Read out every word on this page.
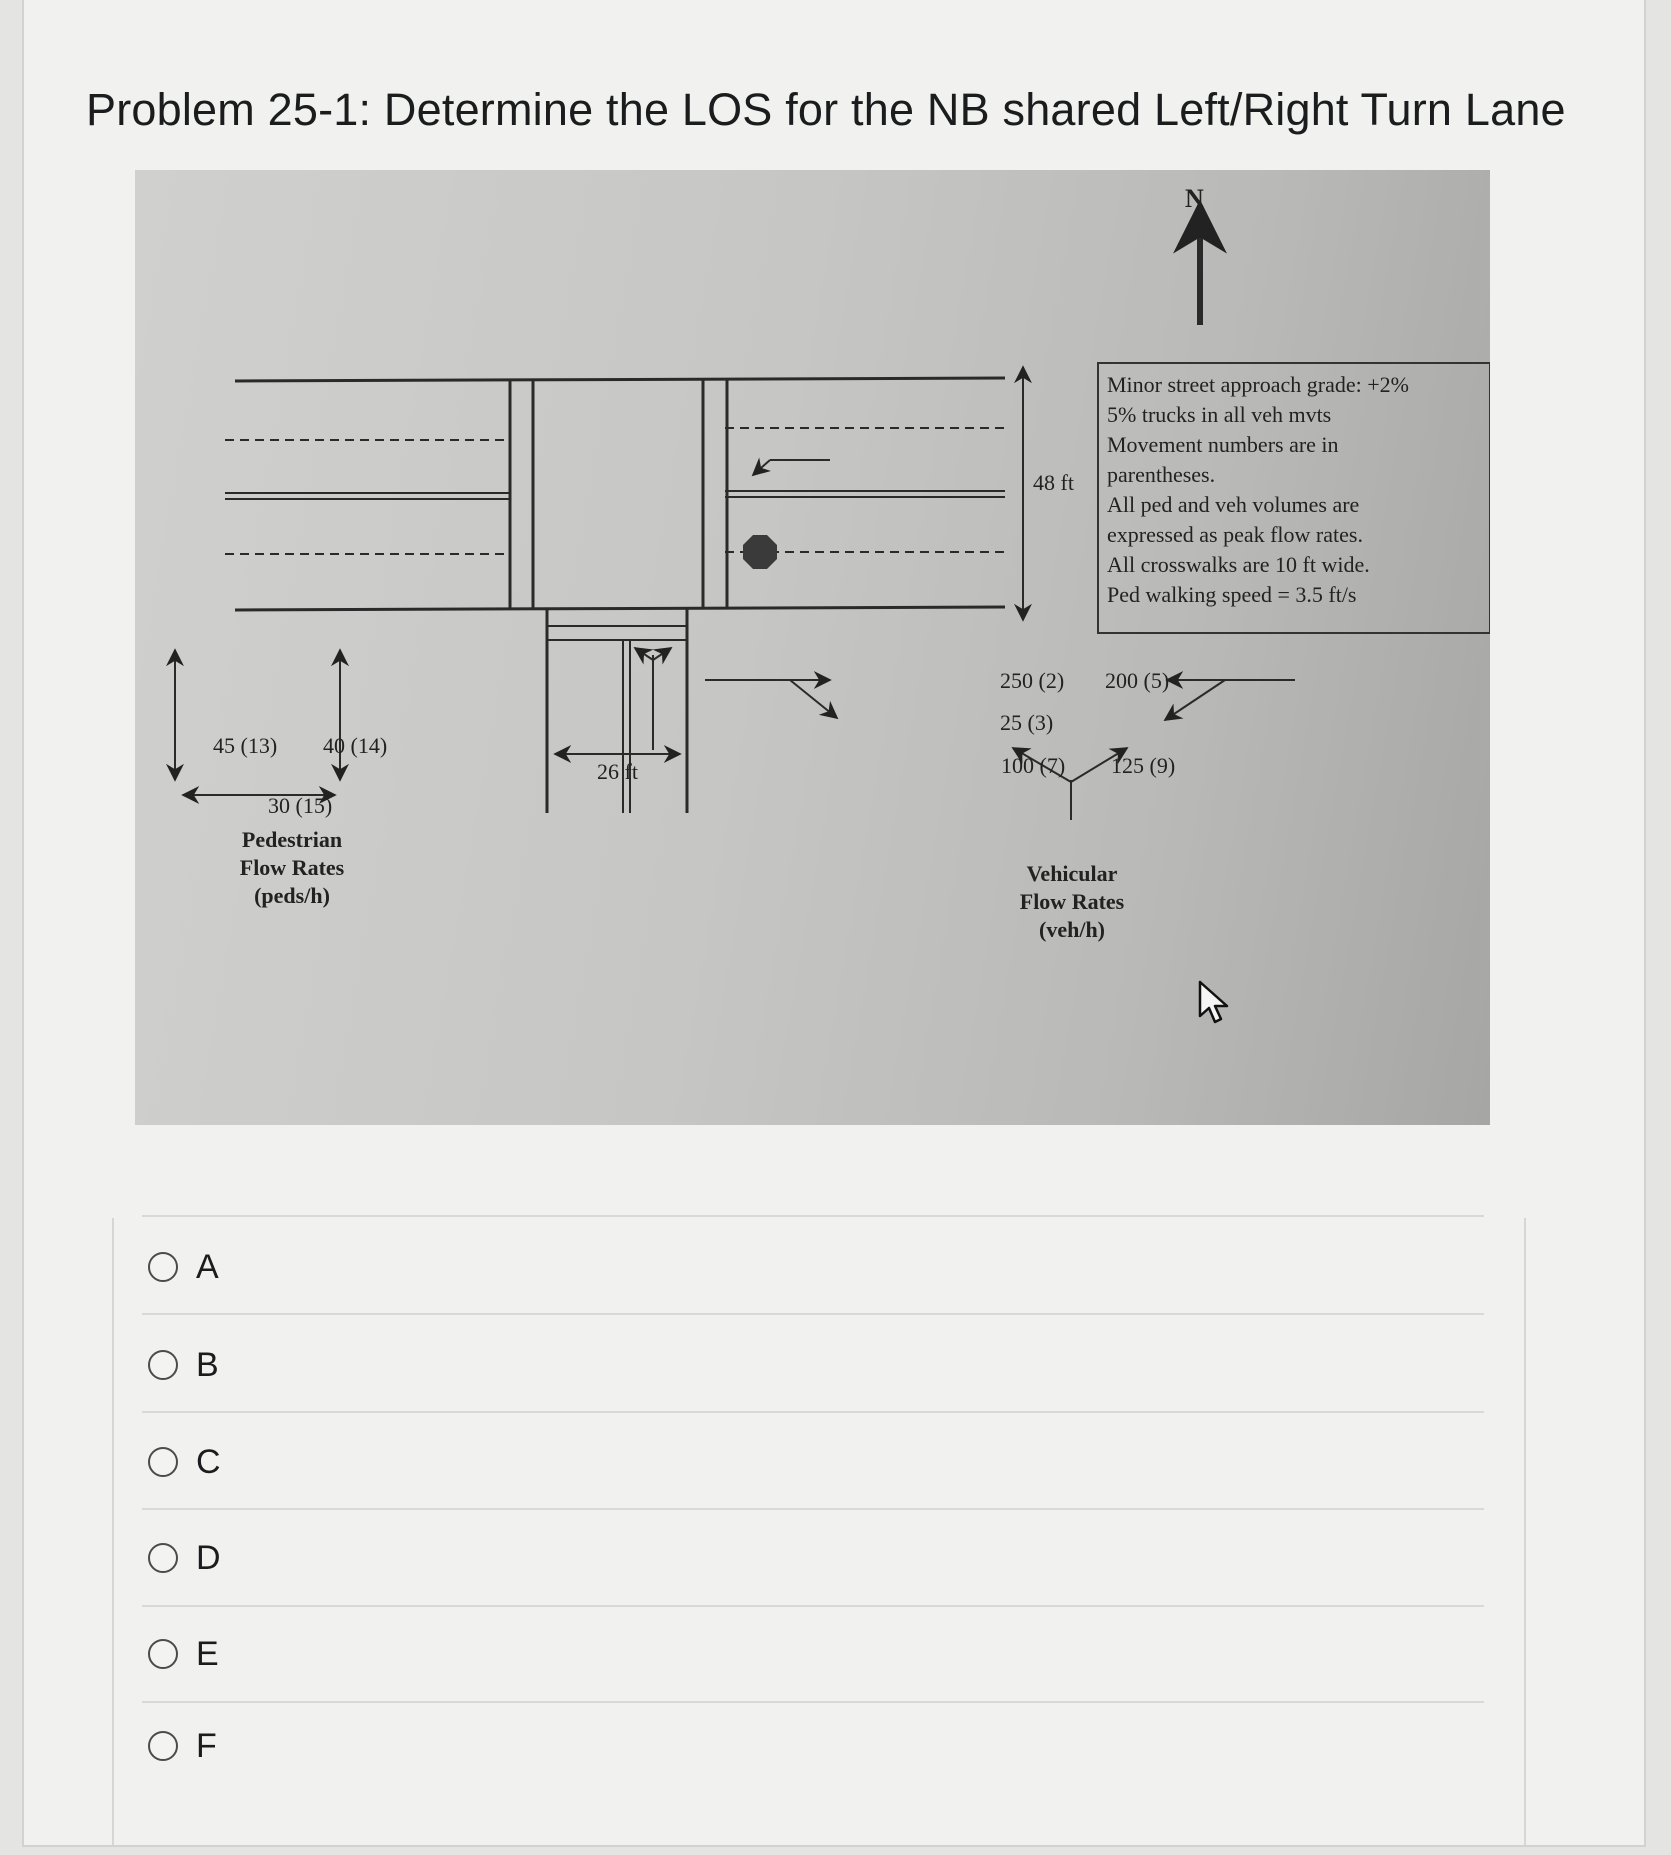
Problem 25-1: Determine the LOS for the NB shared Left/Right Turn Lane
N
48 ft
26 ft
Minor street approach grade: +2%
5% trucks in all veh mvts
Movement numbers are in
parentheses.
All ped and veh volumes are
expressed as peak flow rates.
All crosswalks are 10 ft wide.
Ped walking speed = 3.5 ft/s
45 (13) 40 (14)
30 (15)
Pedestrian
Flow Rates
(peds/h)
250 (2)
25 (3)
200 (5)
100 (7) 125 (9)
Vehicular
Flow Rates
(veh/h)
A
B
C
D
E
F
